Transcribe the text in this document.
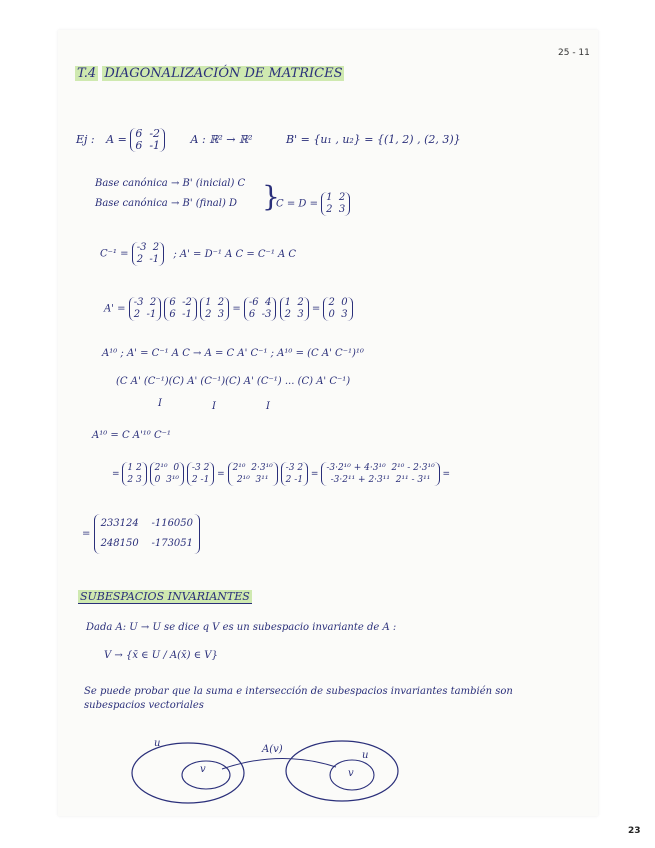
25 - 11
23
T.4 DIAGONALIZACIÓN DE MATRICES
Ej : A = 6 -2
6 -1	A : ℝ² → ℝ²	B' = {u₁ , u₂} = {(1, 2) , (2, 3)}
Base canónica → B' (inicial) C
Base canónica → B' (final) D }
C = D =
1 2
2 3
C⁻¹ =
-3 2
2 -1 ; A' = D⁻¹ A C = C⁻¹ A C
A' =
-3 2
2 -1

6 -2
6 -1

1 2
2 3 =
-6 4
6 -3

1 2
2 3 =
2 0
0 3
A¹⁰ ; A' = C⁻¹ A C → A = C A' C⁻¹ ; A¹⁰ = (C A' C⁻¹)¹⁰
(C A' (C⁻¹)(C) A' (C⁻¹)(C) A' (C⁻¹) ... (C) A' C⁻¹)
I	I	I
A¹⁰ = C A'¹⁰ C⁻¹
=
1 2
2 3

2¹⁰ 0
0 3¹⁰

-3 2
2 -1
=
2¹⁰ 2·3¹⁰
2¹⁰ 3¹¹

-3 2
2 -1
=
-3·2¹⁰ + 4·3¹⁰ 2¹⁰ - 2·3¹⁰
-3·2¹¹ + 2·3¹¹ 2¹¹ - 3¹¹
=
=
233124 -116050
248150 -173051
SUBESPACIOS INVARIANTES
Dada A: U → U se dice q V es un subespacio invariante de A :
V → {x̄ ∈ U / A(x̄) ∈ V}
Se puede probar que la suma e intersección de subespacios invariantes también son
subespacios vectoriales
u
v
A(v)
u
v
